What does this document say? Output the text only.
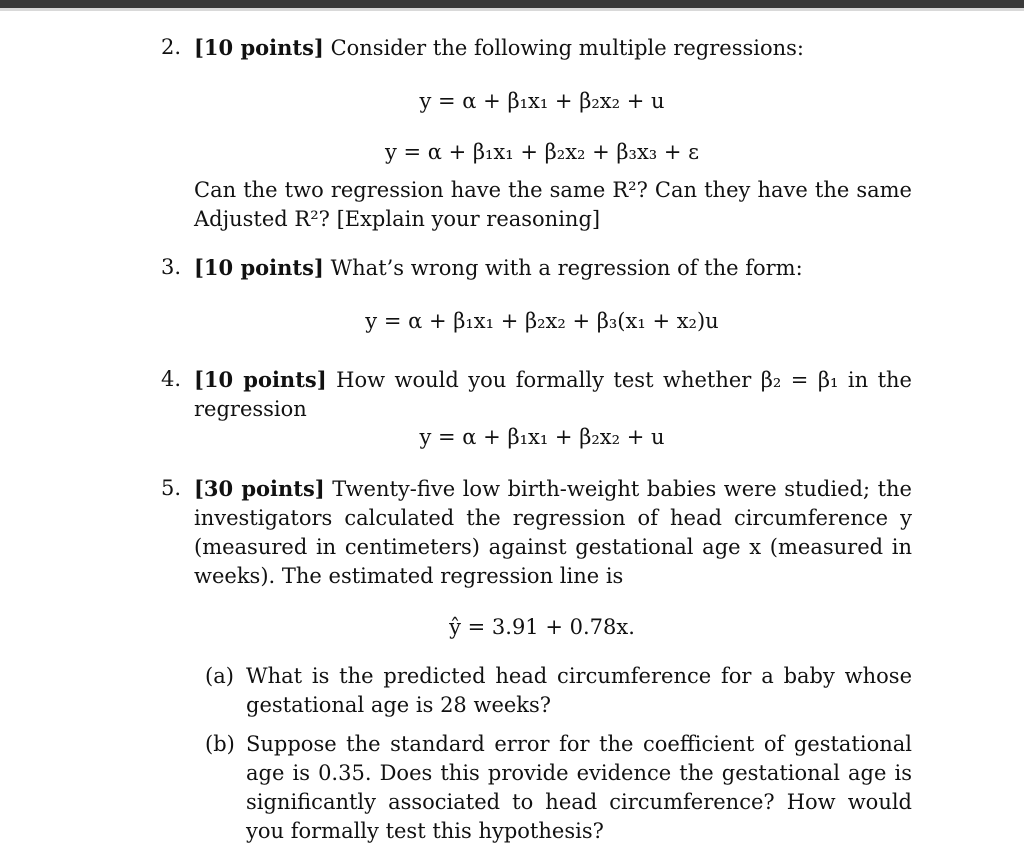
2. [10 points] Consider the following multiple regressions:
y = α + β₁x₁ + β₂x₂ + u
y = α + β₁x₁ + β₂x₂ + β₃x₃ + ε
Can the two regression have the same R²? Can they have the same Adjusted R²? [Explain your reasoning]
3. [10 points] What’s wrong with a regression of the form:
y = α + β₁x₁ + β₂x₂ + β₃(x₁ + x₂)u
4. [10 points] How would you formally test whether β₂ = β₁ in the regression
y = α + β₁x₁ + β₂x₂ + u
5. [30 points] Twenty-five low birth-weight babies were studied; the investigators calculated the regression of head circumference y (measured in centimeters) against gestational age x (measured in weeks). The estimated regression line is
ŷ = 3.91 + 0.78x.
(a) What is the predicted head circumference for a baby whose gestational age is 28 weeks?
(b) Suppose the standard error for the coefficient of gestational age is 0.35. Does this provide evidence the gestational age is significantly associated to head circumference? How would you formally test this hypothesis?
